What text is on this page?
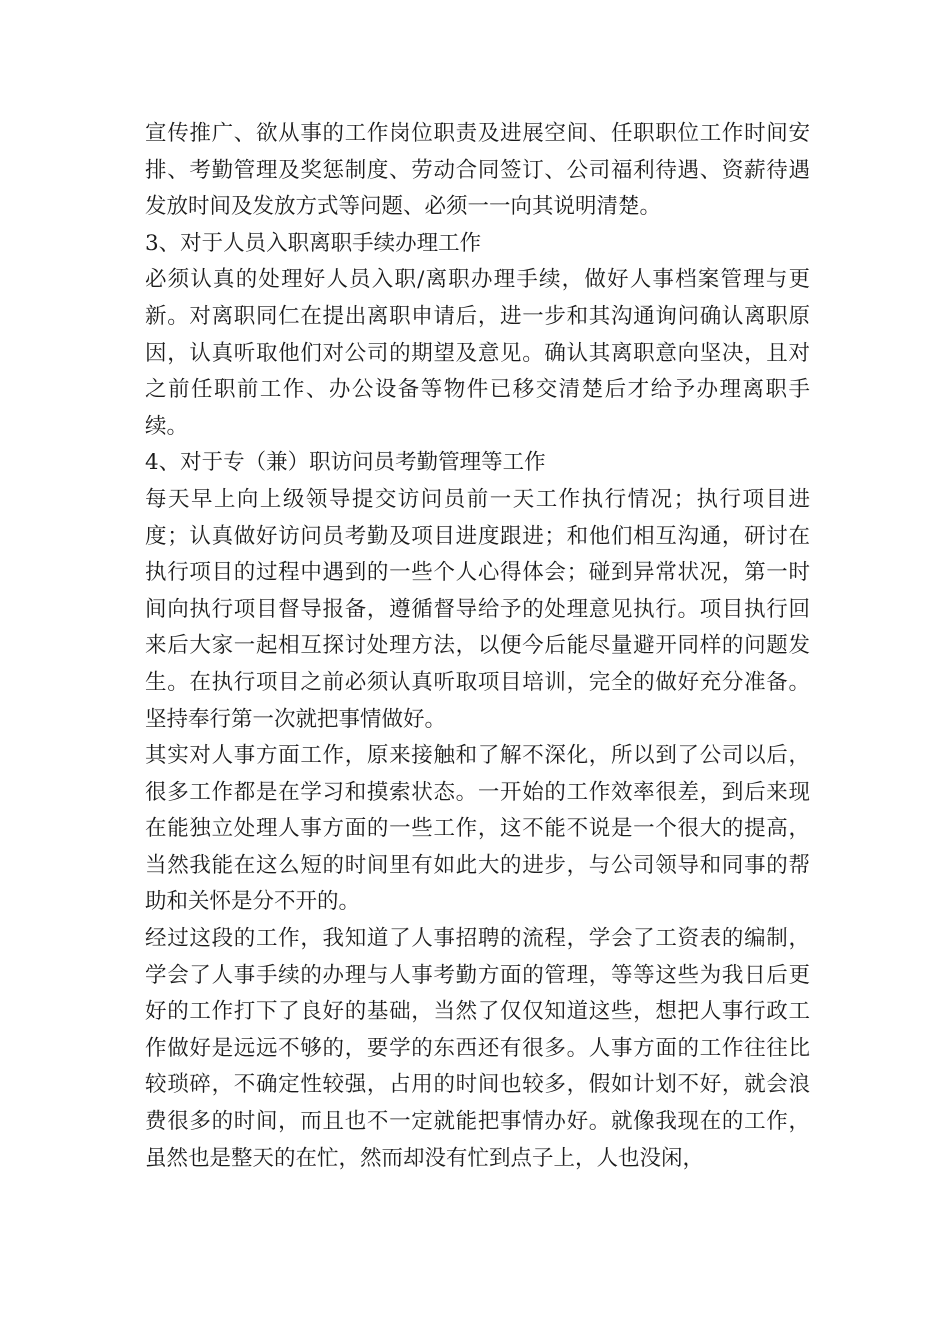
宣传推广、欲从事的工作岗位职责及进展空间、任职职位工作时间安排、考勤管理及奖惩制度、劳动合同签订、公司福利待遇、资薪待遇发放时间及发放方式等问题、必须一一向其说明清楚。

3、对于人员入职离职手续办理工作

必须认真的处理好人员入职/离职办理手续，做好人事档案管理与更新。对离职同仁在提出离职申请后，进一步和其沟通询问确认离职原因，认真听取他们对公司的期望及意见。确认其离职意向坚决，且对之前任职前工作、办公设备等物件已移交清楚后才给予办理离职手续。

4、对于专（兼）职访问员考勤管理等工作

每天早上向上级领导提交访问员前一天工作执行情况；执行项目进度；认真做好访问员考勤及项目进度跟进；和他们相互沟通，研讨在执行项目的过程中遇到的一些个人心得体会；碰到异常状况，第一时间向执行项目督导报备，遵循督导给予的处理意见执行。项目执行回来后大家一起相互探讨处理方法，以便今后能尽量避开同样的问题发生。在执行项目之前必须认真听取项目培训，完全的做好充分准备。坚持奉行第一次就把事情做好。

其实对人事方面工作，原来接触和了解不深化，所以到了公司以后，很多工作都是在学习和摸索状态。一开始的工作效率很差，到后来现在能独立处理人事方面的一些工作，这不能不说是一个很大的提高，当然我能在这么短的时间里有如此大的进步，与公司领导和同事的帮助和关怀是分不开的。

经过这段的工作，我知道了人事招聘的流程，学会了工资表的编制，学会了人事手续的办理与人事考勤方面的管理，等等这些为我日后更好的工作打下了良好的基础，当然了仅仅知道这些，想把人事行政工作做好是远远不够的，要学的东西还有很多。人事方面的工作往往比较琐碎，不确定性较强，占用的时间也较多，假如计划不好，就会浪费很多的时间，而且也不一定就能把事情办好。就像我现在的工作，虽然也是整天的在忙，然而却没有忙到点子上，人也没闲，
